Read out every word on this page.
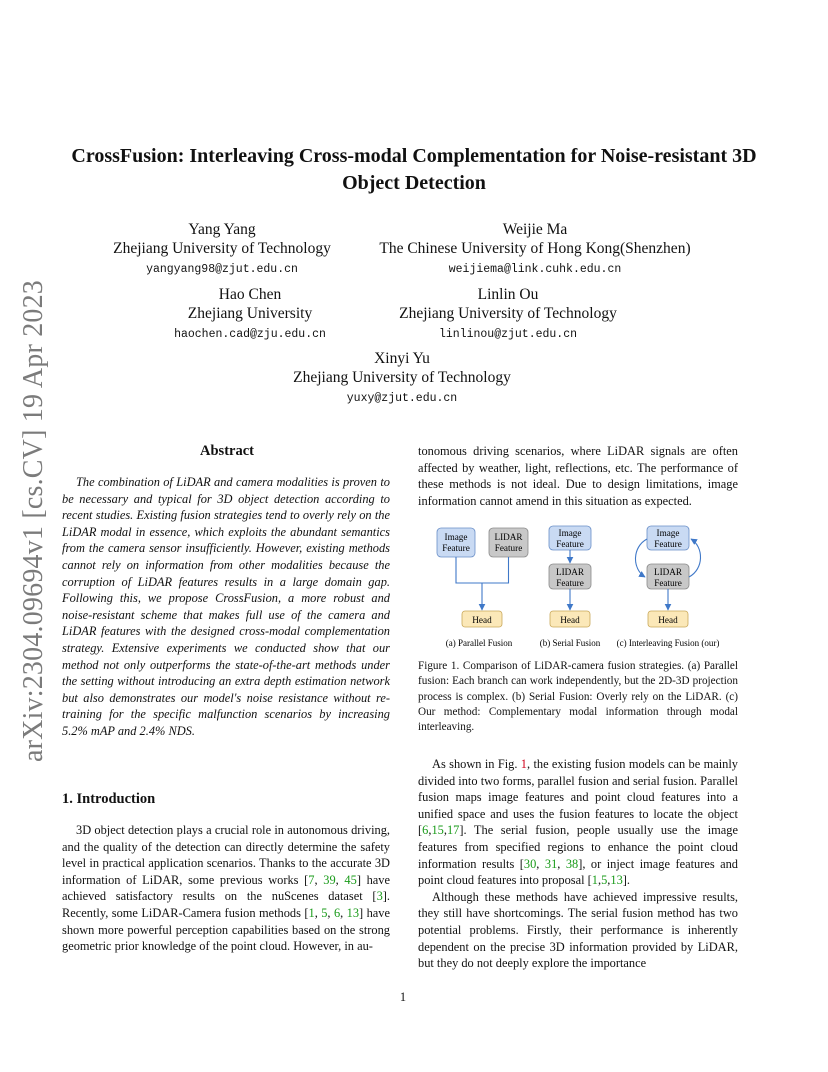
arXiv:2304.09694v1 [cs.CV] 19 Apr 2023
CrossFusion: Interleaving Cross-modal Complementation for Noise-resistant 3D
Object Detection
Yang Yang
Zhejiang University of Technology
yangyang98@zjut.edu.cn
Weijie Ma
The Chinese University of Hong Kong(Shenzhen)
weijiema@link.cuhk.edu.cn
Hao Chen
Zhejiang University
haochen.cad@zju.edu.cn
Linlin Ou
Zhejiang University of Technology
linlinou@zjut.edu.cn
Xinyi Yu
Zhejiang University of Technology
yuxy@zjut.edu.cn
Abstract

The combination of LiDAR and camera modalities is proven to be necessary and typical for 3D object detection according to recent studies. Existing fusion strategies tend to overly rely on the LiDAR modal in essence, which exploits the abundant semantics from the camera sensor insufficiently. However, existing methods cannot rely on information from other modalities because the corruption of LiDAR features results in a large domain gap. Following this, we propose CrossFusion, a more robust and noise-resistant scheme that makes full use of the camera and LiDAR features with the designed cross-modal complementation strategy. Extensive experiments we conducted show that our method not only outperforms the state-of-the-art methods under the setting without introducing an extra depth estimation network but also demonstrates our model's noise resistance without re-training for the specific malfunction scenarios by increasing 5.2% mAP and 2.4% NDS.

1. Introduction

3D object detection plays a crucial role in autonomous driving, and the quality of the detection can directly determine the safety level in practical application scenarios. Thanks to the accurate 3D information of LiDAR, some previous works [7, 39, 45] have achieved satisfactory results on the nuScenes dataset [3]. Recently, some LiDAR-Camera fusion methods [1, 5, 6, 13] have shown more powerful perception capabilities based on the strong geometric prior knowledge of the point cloud. However, in au-

tonomous driving scenarios, where LiDAR signals are often affected by weather, light, reflections, etc. The performance of these methods is not ideal. Due to design limitations, image information cannot amend in this situation as expected.

Image
Feature
LIDAR
Feature
Head
(a) Parallel Fusion
Image
Feature
LIDAR
Feature
Head
(b) Serial Fusion
Image
Feature
LIDAR
Feature
Head
(c) Interleaving Fusion (our)

Figure 1. Comparison of LiDAR-camera fusion strategies. (a) Parallel fusion: Each branch can work independently, but the 2D-3D projection process is complex. (b) Serial Fusion: Overly rely on the LiDAR. (c) Our method: Complementary modal information through modal interleaving.

As shown in Fig. 1, the existing fusion models can be mainly divided into two forms, parallel fusion and serial fusion. Parallel fusion maps image features and point cloud features into a unified space and uses the fusion features to locate the object [6,15,17]. The serial fusion, people usually use the image features from specified regions to enhance the point cloud information results [30, 31, 38], or inject image features and point cloud features into proposal [1,5,13].

Although these methods have achieved impressive results, they still have shortcomings. The serial fusion method has two potential problems. Firstly, their performance is inherently dependent on the precise 3D information provided by LiDAR, but they do not deeply explore the importance

1
